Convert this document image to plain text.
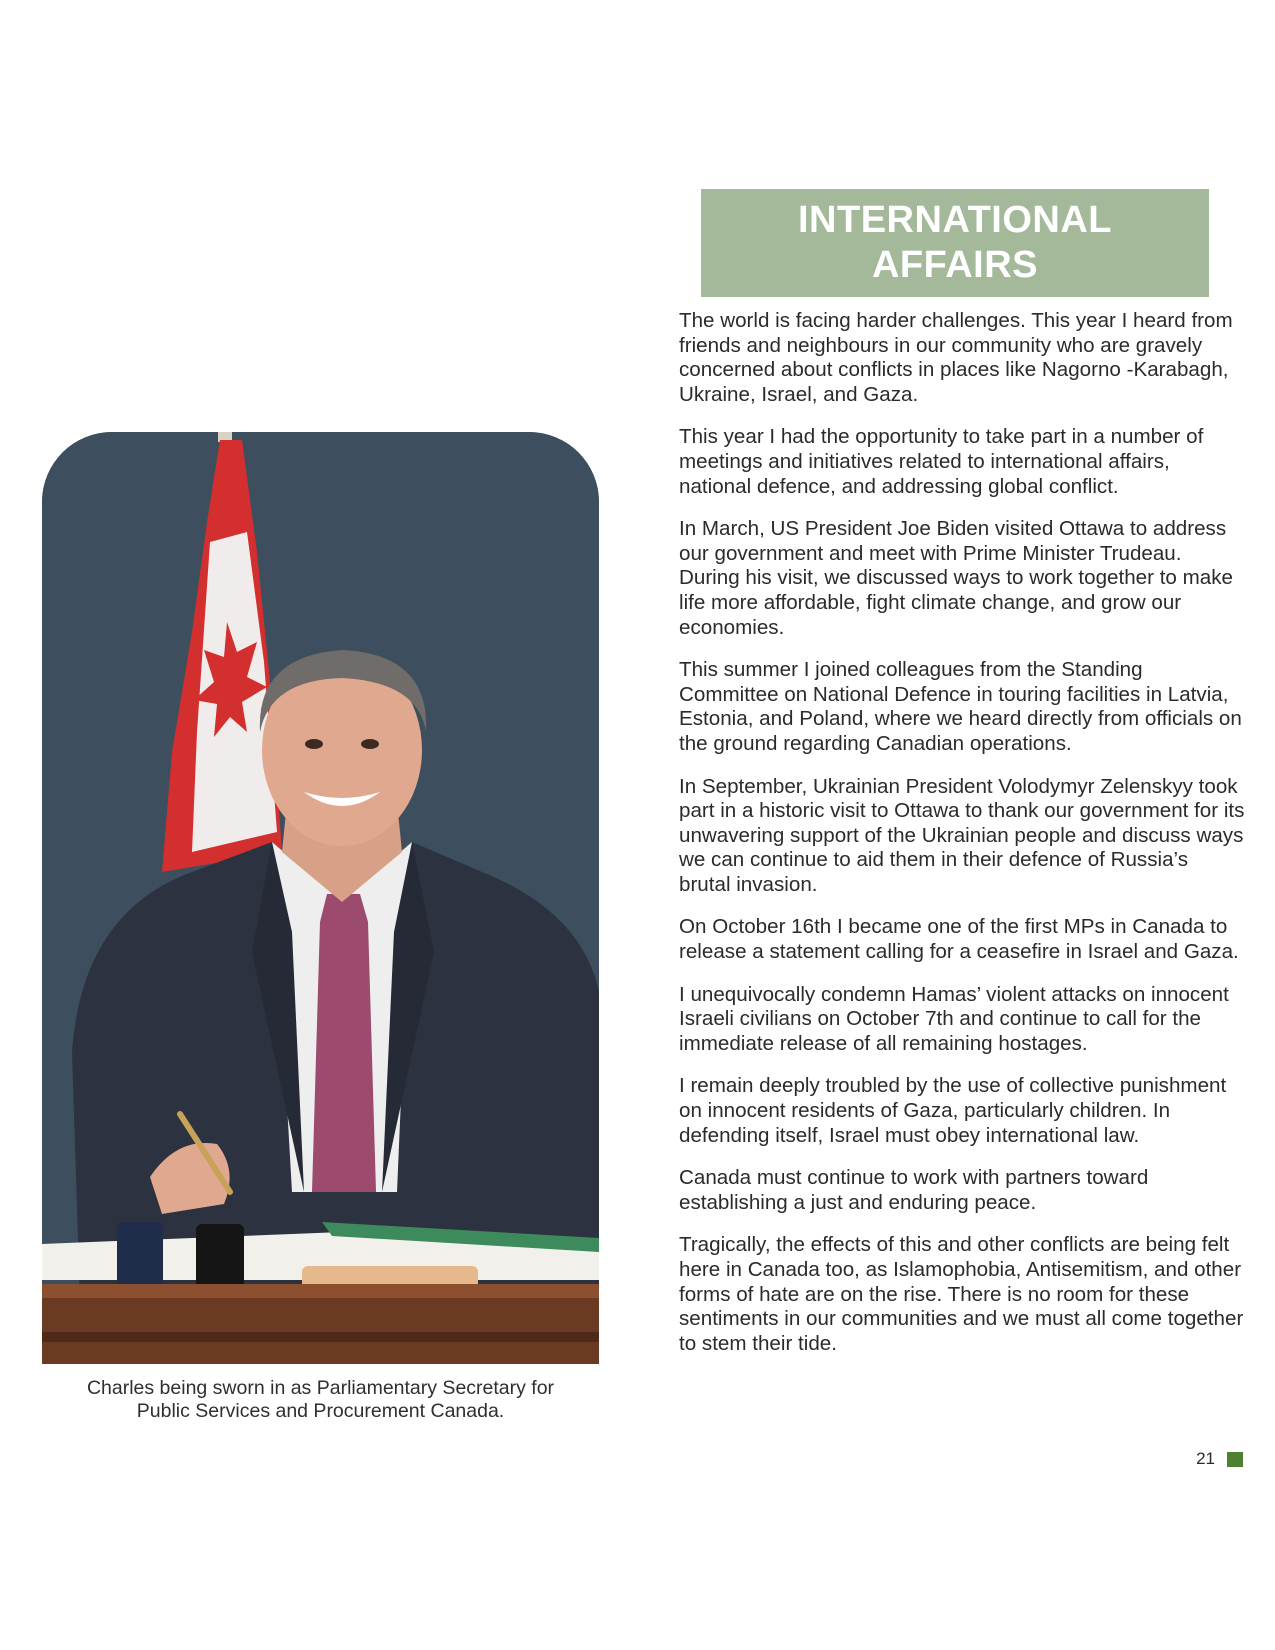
Charles being sworn in as Parliamentary Secretary for
Public Services and Procurement Canada.
INTERNATIONAL
AFFAIRS

The world is facing harder challenges. This year I heard from friends and neighbours in our community who are gravely concerned about conflicts in places like Nagorno -Karabagh, Ukraine, Israel, and Gaza.

This year I had the opportunity to take part in a number of meetings and initiatives related to international affairs, national defence, and addressing global conflict.

In March, US President Joe Biden visited Ottawa to address our government and meet with Prime Minister Trudeau. During his visit, we discussed ways to work together to make life more affordable, fight climate change, and grow our economies.

This summer I joined colleagues from the Standing Committee on National Defence in touring facilities in Latvia, Estonia, and Poland, where we heard directly from officials on the ground regarding Canadian operations.

In September, Ukrainian President Volodymyr Zelenskyy took part in a historic visit to Ottawa to thank our government for its unwavering support of the Ukrainian people and discuss ways we can continue to aid them in their defence of Russia’s brutal invasion.

On October 16th I became one of the first MPs in Canada to release a statement calling for a ceasefire in Israel and Gaza.

I unequivocally condemn Hamas’ violent attacks on innocent Israeli civilians on October 7th and continue to call for the immediate release of all remaining hostages.

I remain deeply troubled by the use of collective punishment on innocent residents of Gaza, particularly children. In defending itself, Israel must obey international law.

Canada must continue to work with partners toward establishing a just and enduring peace.

Tragically, the effects of this and other conflicts are being felt here in Canada too, as Islamophobia, Antisemitism, and other forms of hate are on the rise. There is no room for these sentiments in our communities and we must all come together to stem their tide.

21
